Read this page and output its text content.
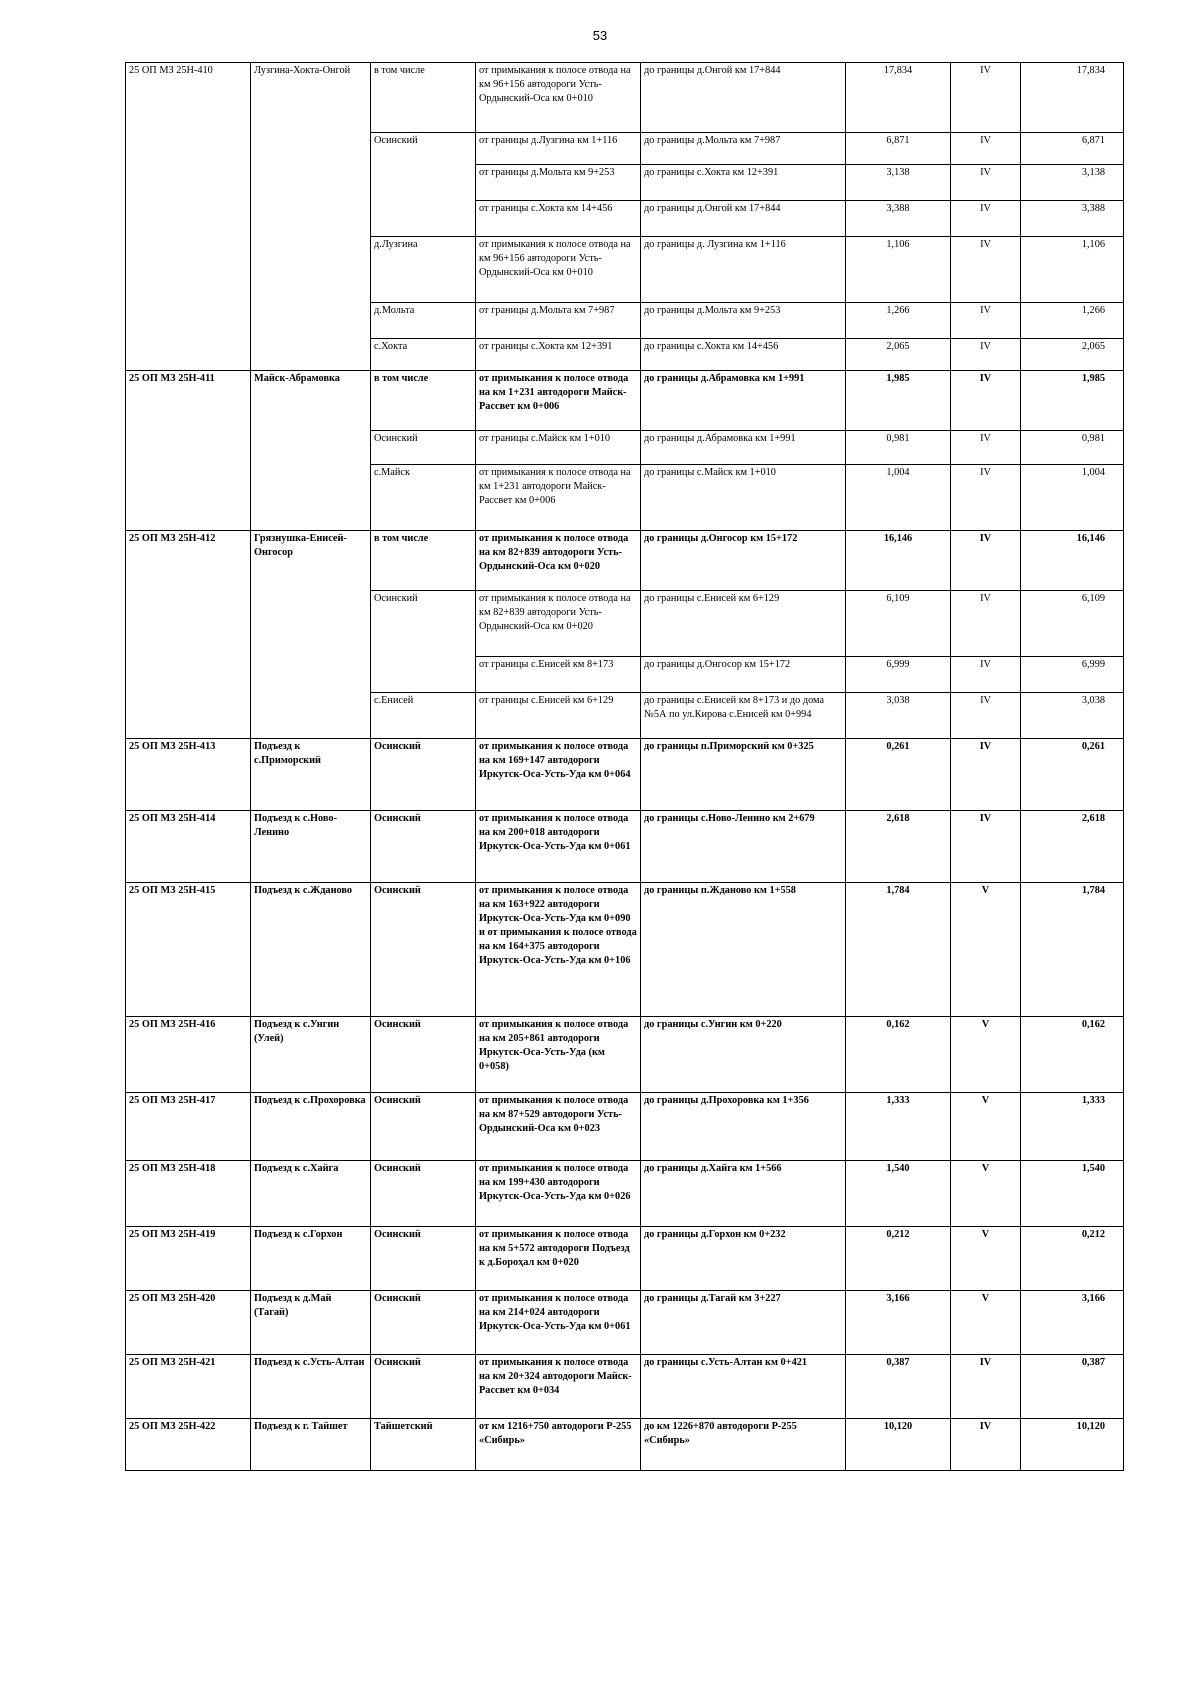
53
25 ОП МЗ 25Н-410	Лузгина-Хокта-Онгой	в том числе	от примыкания к полосе отвода на км 96+156 автодороги Усть-Ордынский-Оса км 0+010	до границы д.Онгой км 17+844	17,834	IV	17,834
		Осинский	от границы д.Лузгина км 1+116	до границы д.Мольта км 7+987	6,871	IV	6,871
			от границы д.Мольта км 9+253	до границы с.Хокта км 12+391	3,138	IV	3,138
			от границы с.Хокта км 14+456	до границы д.Онгой км 17+844	3,388	IV	3,388
		д.Лузгина	от примыкания к полосе отвода на км 96+156 автодороги Усть-Ордынский-Оса км 0+010	до границы д. Лузгина км 1+116	1,106	IV	1,106
		д.Мольта	от границы д.Мольта км 7+987	до границы д.Мольта км 9+253	1,266	IV	1,266
		с.Хокта	от границы с.Хокта км 12+391	до границы с.Хокта км 14+456	2,065	IV	2,065
25 ОП МЗ 25Н-411	Майск-Абрамовка	в том числе	от примыкания к полосе отвода на км 1+231 автодороги Майск-Рассвет км 0+006	до границы д.Абрамовка км 1+991	1,985	IV	1,985
		Осинский	от границы с.Майск км 1+010	до границы д.Абрамовка км 1+991	0,981	IV	0,981
		с.Майск	от примыкания к полосе отвода на км 1+231 автодороги Майск-Рассвет км 0+006	до границы с.Майск км 1+010	1,004	IV	1,004
25 ОП МЗ 25Н-412	Грязнушка-Енисей-Онгосор	в том числе	от примыкания к полосе отвода на км 82+839 автодороги Усть-Ордынский-Оса км 0+020	до границы д.Онгосор км 15+172	16,146	IV	16,146
		Осинский	от примыкания к полосе отвода на км 82+839 автодороги Усть-Ордынский-Оса км 0+020	до границы с.Енисей км 6+129	6,109	IV	6,109
			от границы с.Енисей км 8+173	до границы д.Онгосор км 15+172	6,999	IV	6,999
		с.Енисей	от границы с.Енисей км 6+129	до границы с.Енисей км 8+173 и до дома №5А по ул.Кирова с.Енисей км 0+994	3,038	IV	3,038
25 ОП МЗ 25Н-413	Подъезд к с.Приморский	Осинский	от примыкания к полосе отвода на км 169+147 автодороги Иркутск-Оса-Усть-Уда км 0+064	до границы п.Приморский км 0+325	0,261	IV	0,261
25 ОП МЗ 25Н-414	Подъезд к с.Ново-Ленино	Осинский	от примыкания к полосе отвода на км 200+018 автодороги Иркутск-Оса-Усть-Уда км 0+061	до границы с.Ново-Ленино км 2+679	2,618	IV	2,618
25 ОП МЗ 25Н-415	Подъезд к с.Жданово	Осинский	от примыкания к полосе отвода на км 163+922 автодороги Иркутск-Оса-Усть-Уда км 0+090 и от примыкания к полосе отвода на км 164+375 автодороги Иркутск-Оса-Усть-Уда км 0+106	до границы п.Жданово км 1+558	1,784	V	1,784
25 ОП МЗ 25Н-416	Подъезд к с.Унгин (Улей)	Осинский	от примыкания к полосе отвода на км 205+861 автодороги Иркутск-Оса-Усть-Уда (км 0+058)	до границы с.Унгин км 0+220	0,162	V	0,162
25 ОП МЗ 25Н-417	Подъезд к с.Прохоровка	Осинский	от примыкания к полосе отвода на км 87+529 автодороги Усть-Ордынский-Оса км 0+023	до границы д.Прохоровка км 1+356	1,333	V	1,333
25 ОП МЗ 25Н-418	Подъезд к с.Хайга	Осинский	от примыкания к полосе отвода на км 199+430 автодороги Иркутск-Оса-Усть-Уда км 0+026	до границы д.Хайга км 1+566	1,540	V	1,540
25 ОП МЗ 25Н-419	Подъезд к с.Горхон	Осинский	от примыкания к полосе отвода на км 5+572 автодороги Подъезд к д.Бороҳал км 0+020	до границы д.Горхон км 0+232	0,212	V	0,212
25 ОП МЗ 25Н-420	Подъезд к д.Май (Тагай)	Осинский	от примыкания к полосе отвода на км 214+024 автодороги Иркутск-Оса-Усть-Уда км 0+061	до границы д.Тагай км 3+227	3,166	V	3,166
25 ОП МЗ 25Н-421	Подъезд к с.Усть-Алтан	Осинский	от примыкания к полосе отвода на км 20+324 автодороги Майск-Рассвет км 0+034	до границы с.Усть-Алтан км 0+421	0,387	IV	0,387
25 ОП МЗ 25Н-422	Подъезд к г. Тайшет	Тайшетский	от км 1216+750 автодороги Р-255 «Сибирь»	до км 1226+870 автодороги Р-255 «Сибирь»	10,120	IV	10,120
